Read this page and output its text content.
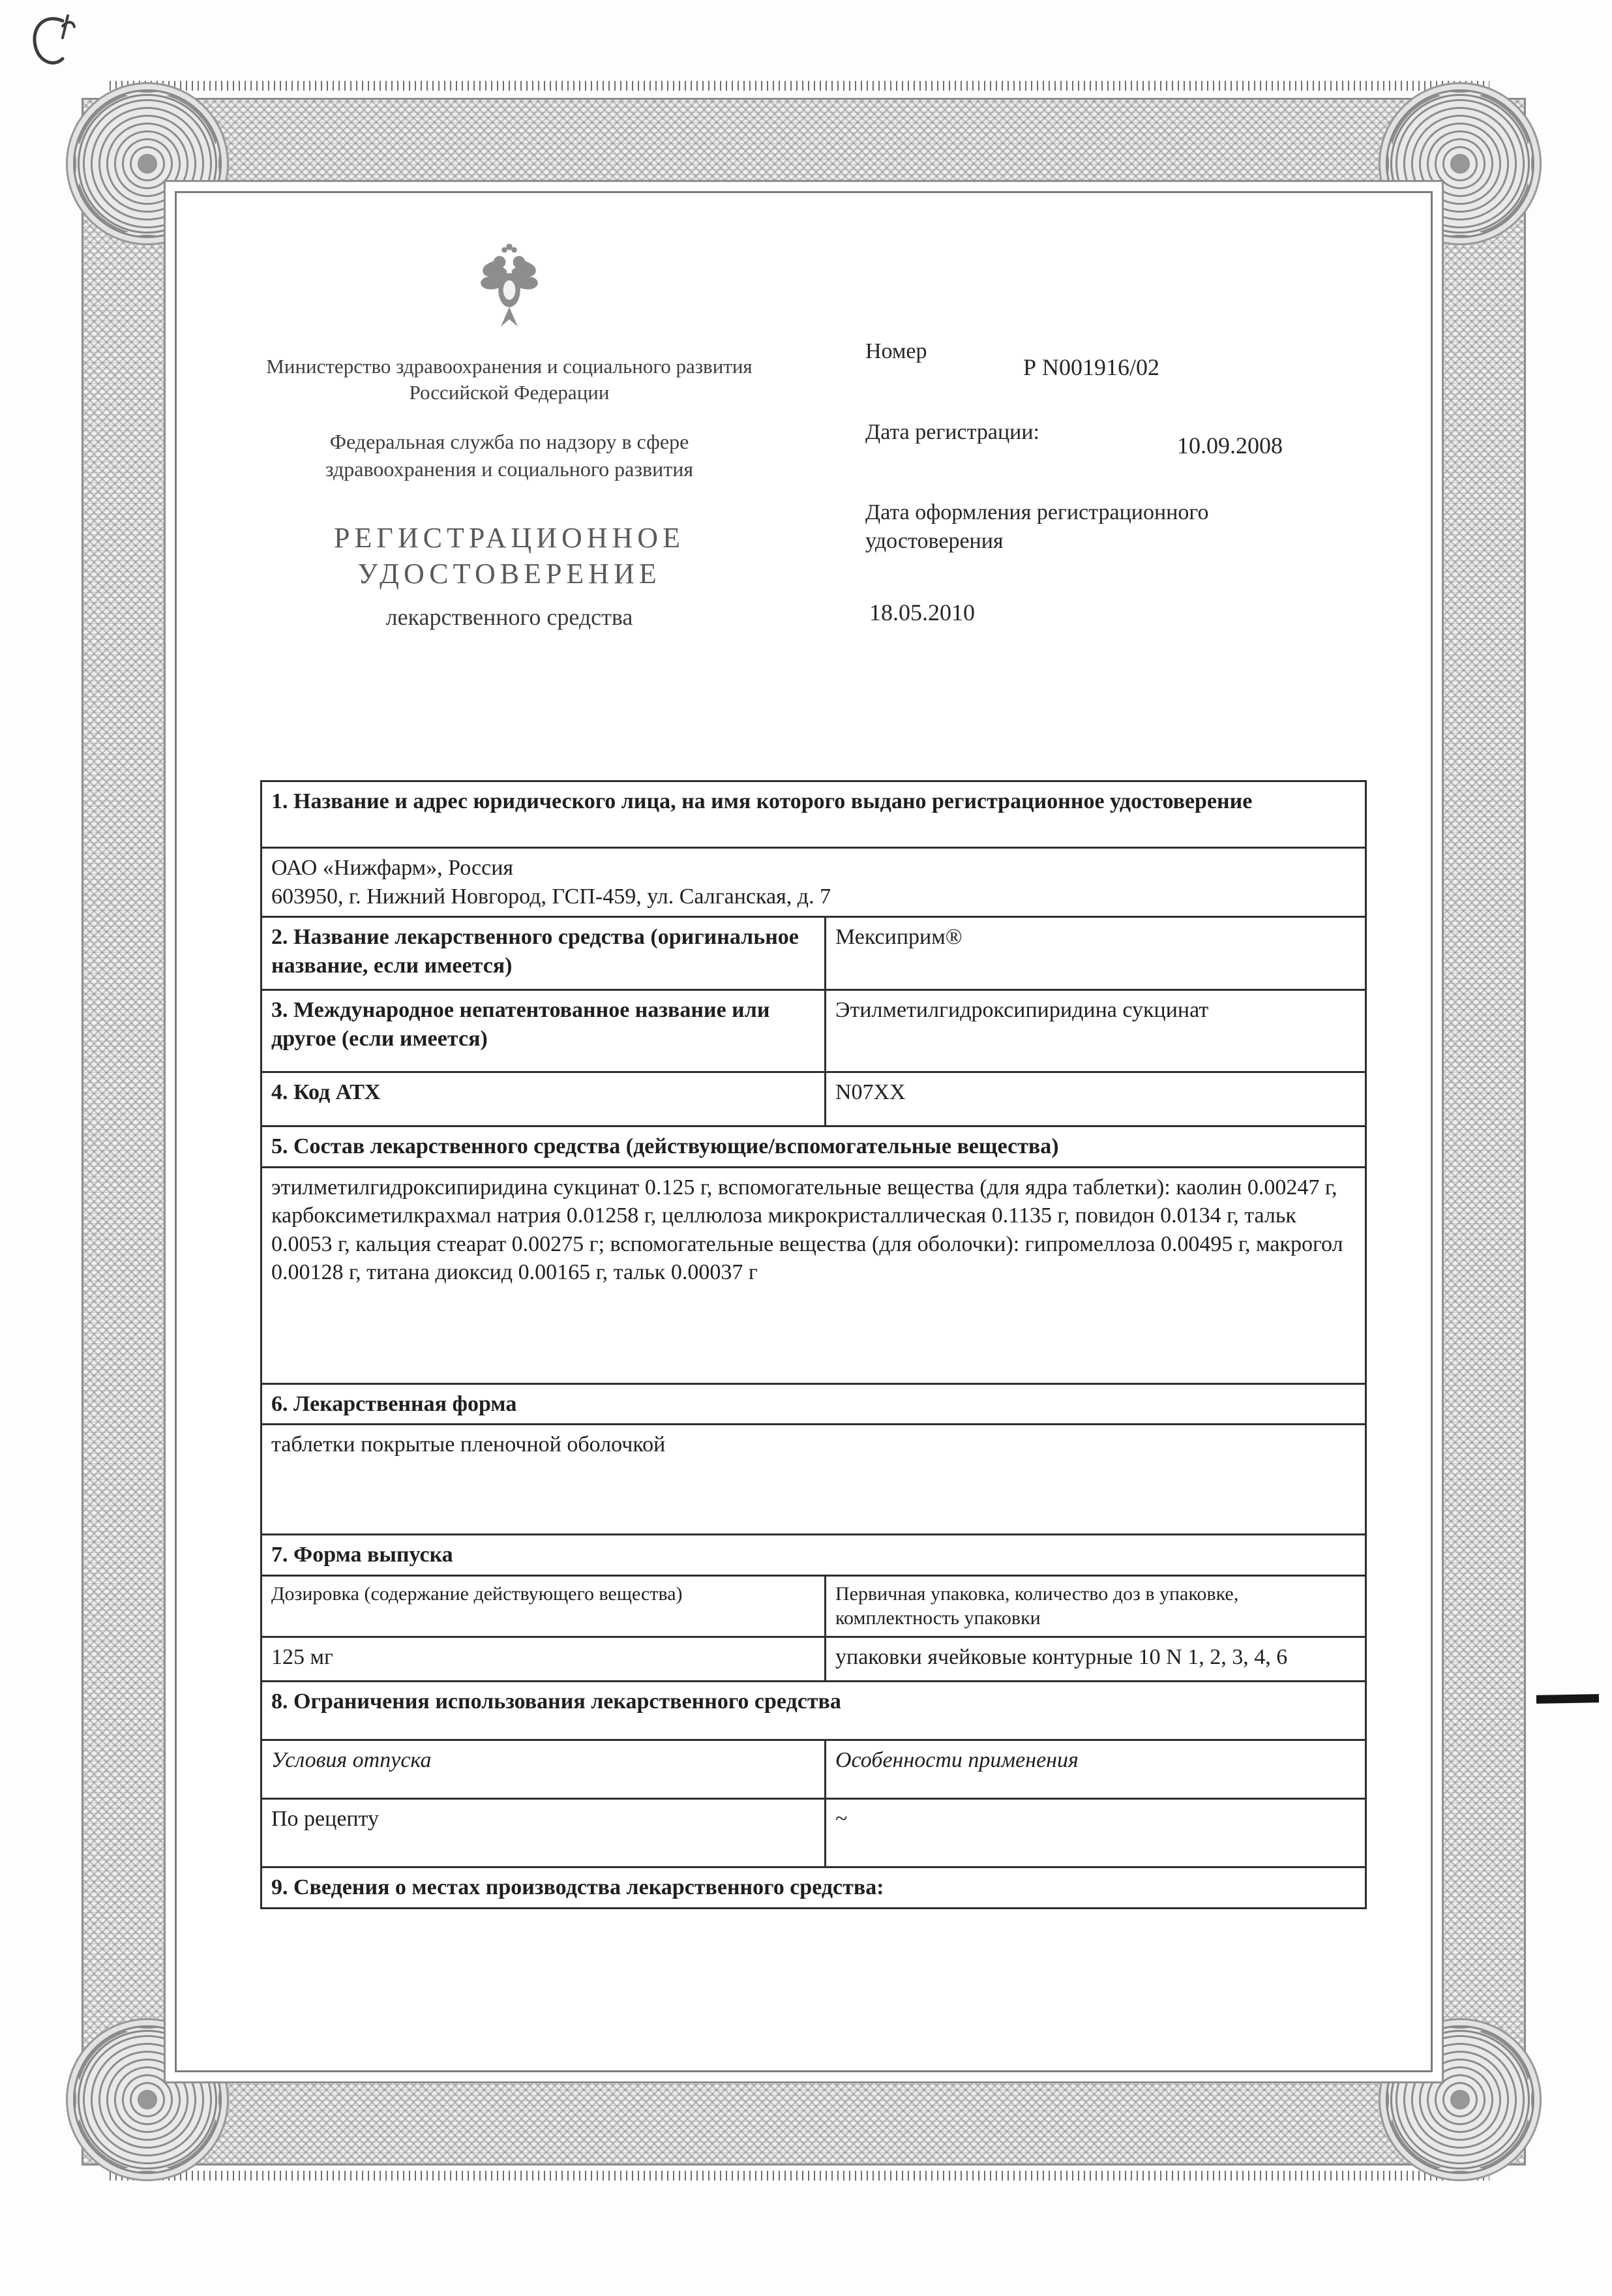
Министерство здравоохранения и социального развития Российской Федерации
Федеральная служба по надзору в сфере здравоохранения и социального развития
РЕГИСТРАЦИОННОЕ
УДОСТОВЕРЕНИЕ
лекарственного средства
Номер
Р N001916/02
Дата регистрации:
10.09.2008
Дата оформления регистрационного удостоверения
18.05.2010
1. Название и адрес юридического лица, на имя которого выдано регистрационное удостоверение	

ОАО «Нижфарм», Россия
603950, г. Нижний Новгород, ГСП-459, ул. Салганская, д. 7	

2. Название лекарственного средства (оригинальное название, если имеется)	Мексиприм®
3. Международное непатентованное название или другое (если имеется)	Этилметилгидроксипиридина сукцинат
4. Код АТХ	N07XX
5. Состав лекарственного средства (действующие/вспомогательные вещества)	
этилметилгидроксипиридина сукцинат 0.125 г, вспомогательные вещества (для ядра таблетки): каолин 0.00247 г, карбоксиметилкрахмал натрия 0.01258 г, целлюлоза микрокристаллическая 0.1135 г, повидон 0.0134 г, тальк 0.0053 г, кальция стеарат 0.00275 г; вспомогательные вещества (для оболочки): гипромеллоза 0.00495 г, макрогол 0.00128 г, титана диоксид 0.00165 г, тальк 0.00037 г	
6. Лекарственная форма	
таблетки покрытые пленочной оболочкой	
7. Форма выпуска	
Дозировка (содержание действующего вещества)	Первичная упаковка, количество доз в упаковке, комплектность упаковки
125 мг	упаковки ячейковые контурные 10 N 1, 2, 3, 4, 6
8. Ограничения использования лекарственного средства	
Условия отпуска	Особенности применения
По рецепту	~
9. Сведения о местах производства лекарственного средства:	
